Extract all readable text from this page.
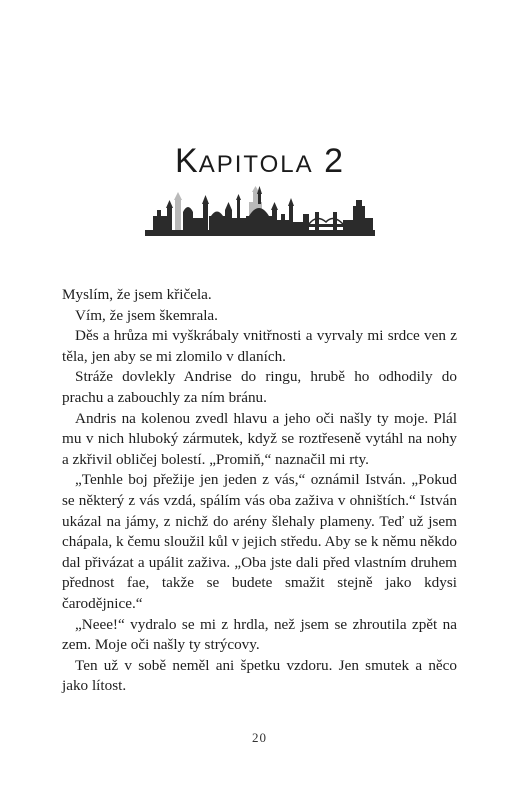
KAPITOLA 2

Myslím, že jsem křičela.

Vím, že jsem škemrala.

Děs a hrůza mi vyškrábaly vnitřnosti a vyrvaly mi srdce ven z těla, jen aby se mi zlomilo v dlaních.

Stráže dovlekly Andrise do ringu, hrubě ho odhodily do prachu a zabouchly za ním bránu.

Andris na kolenou zvedl hlavu a jeho oči našly ty moje. Plál mu v nich hluboký zármutek, když se roztřeseně vytáhl na nohy a zkřivil obličej bolestí. „Promiň,“ naznačil mi rty.

„Tenhle boj přežije jen jeden z vás,“ oznámil István. „Pokud se některý z vás vzdá, spálím vás oba zaživa v ohništích.“ István ukázal na jámy, z nichž do arény šlehaly plameny. Teď už jsem chápala, k čemu sloužil kůl v jejich středu. Aby se k němu někdo dal přivázat a upálit zaživa. „Oba jste dali před vlastním druhem přednost fae, takže se budete smažit stejně jako kdysi čarodějnice.“

„Neee!“ vydralo se mi z hrdla, než jsem se zhroutila zpět na zem. Moje oči našly ty strýcovy.

Ten už v sobě neměl ani špetku vzdoru. Jen smutek a něco jako lítost.

20
